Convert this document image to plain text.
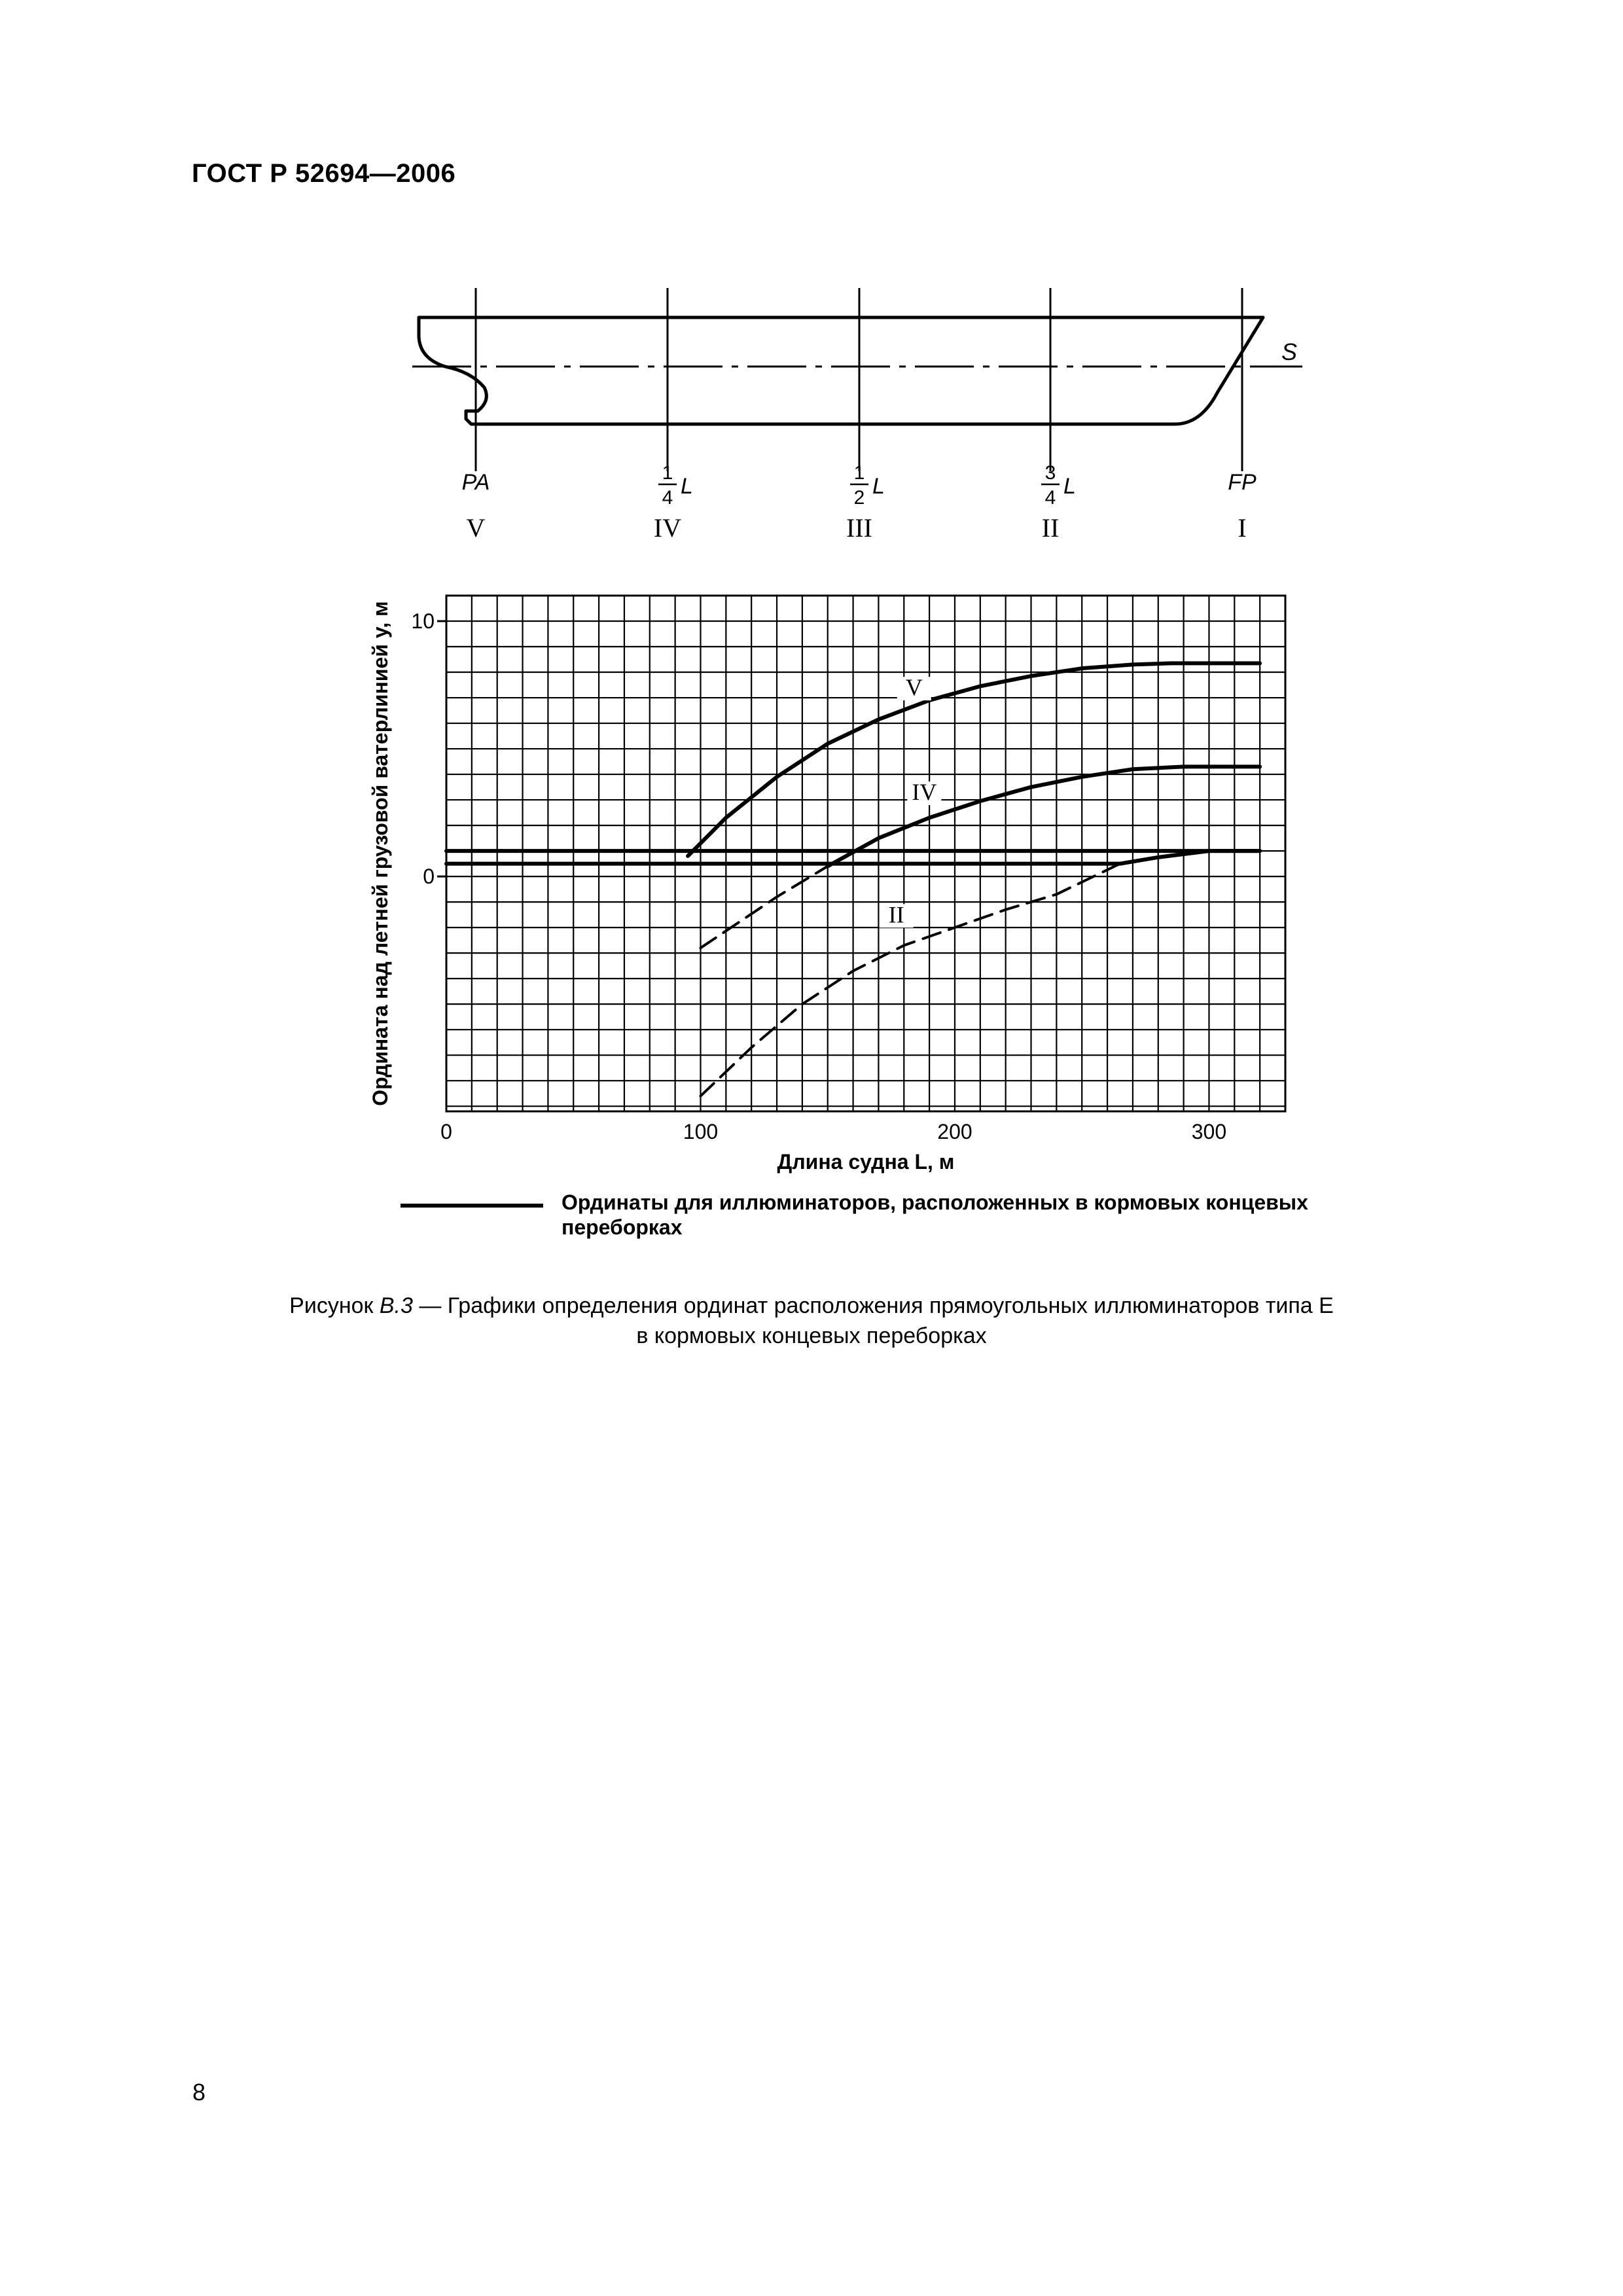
ГОСТ Р 52694—2006
S
PA	1
4 L
1
2 L
3
4 L	FP
V	IV	III	II	I
0	100	200	300
0
10
Длина судна L, м
Ордината над летней грузовой ватерлинией y, м	V
IV
II
Ординаты для иллюминаторов, расположенных в кормовых концевых переборках
Рисунок В.3 — Графики определения ординат расположения прямоугольных иллюминаторов типа Е
в кормовых концевых переборках
8
